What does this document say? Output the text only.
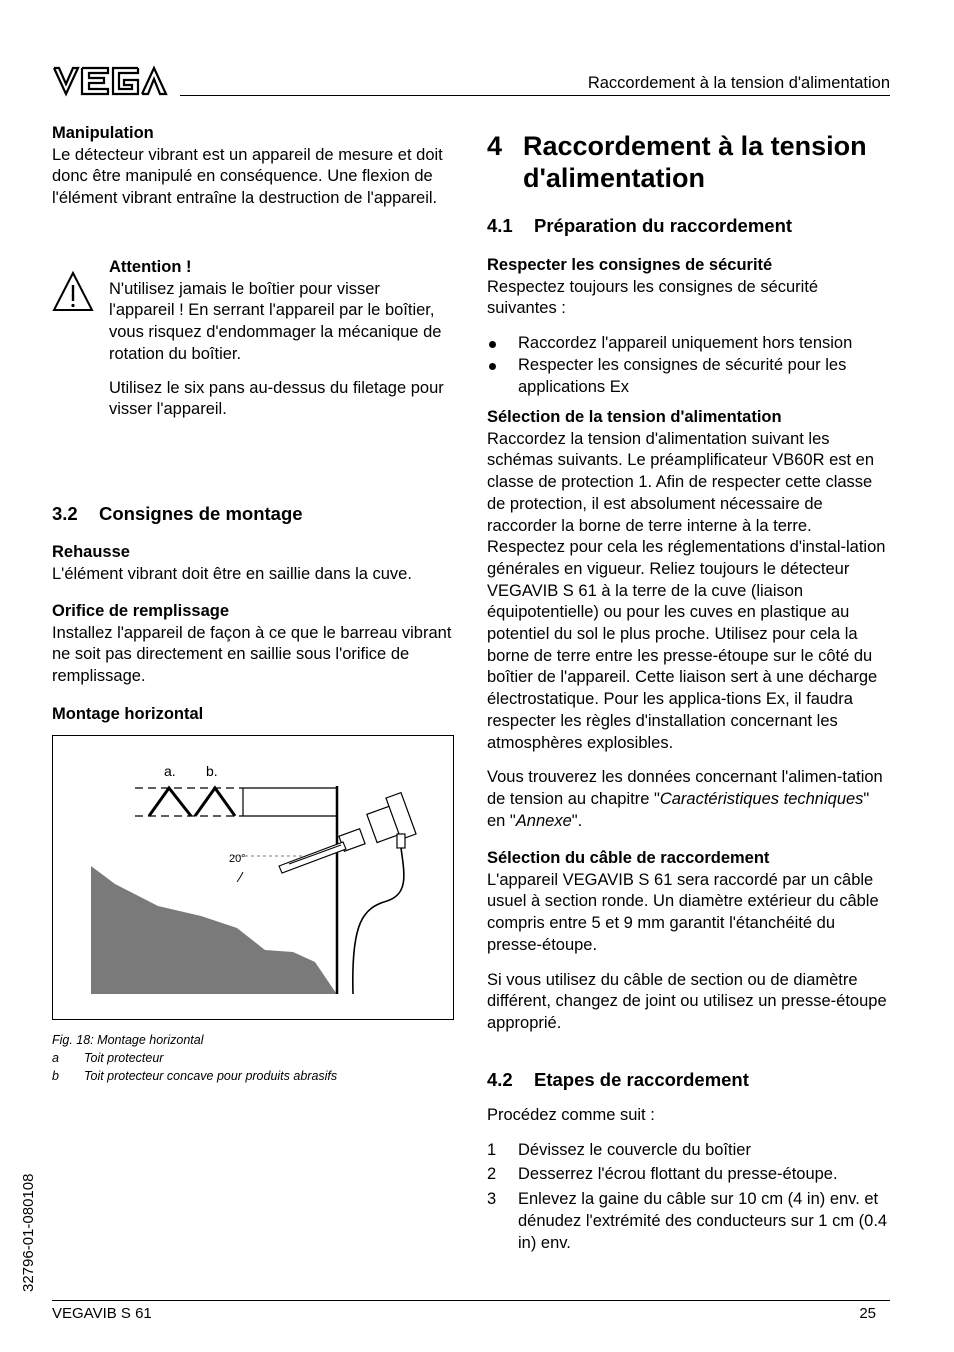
Raccordement à la tension d'alimentation

Manipulation

Le détecteur vibrant est un appareil de mesure et doit donc être manipulé en conséquence. Une flexion de l'élément vibrant entraîne la destruction de l'appareil.

Attention !

N'utilisez jamais le boîtier pour visser l'appareil ! En serrant l'appareil par le boîtier, vous risquez d'endommager la mécanique de rotation du boîtier.

Utilisez le six pans au-dessus du filetage pour visser l'appareil.

3.2 Consignes de montage

Rehausse

L'élément vibrant doit être en saillie dans la cuve.

Orifice de remplissage

Installez l'appareil de façon à ce que le barreau vibrant ne soit pas directement en saillie sous l'orifice de remplissage.

Montage horizontal
a. b.
20°
Fig. 18: Montage horizontal
a Toit protecteur
b Toit protecteur concave pour produits abrasifs
4 Raccordement à la tension
d'alimentation
4.1 Préparation du raccordement

Respecter les consignes de sécurité

Respectez toujours les consignes de sécurité suivantes :

Raccordez l'appareil uniquement hors tension
Respecter les consignes de sécurité pour les applications Ex

Sélection de la tension d'alimentation

Raccordez la tension d'alimentation suivant les schémas suivants. Le préamplificateur VB60R est en classe de protection 1. Afin de respecter cette classe de protection, il est absolument nécessaire de raccorder la borne de terre interne à la terre. Respectez pour cela les réglementations d'instal-lation générales en vigueur. Reliez toujours le détecteur VEGAVIB S 61 à la terre de la cuve (liaison équipotentielle) ou pour les cuves en plastique au potentiel du sol le plus proche. Utilisez pour cela la borne de terre entre les presse-étoupe sur le côté du boîtier de l'appareil. Cette liaison sert à une décharge électrostatique. Pour les applica-tions Ex, il faudra respecter les règles d'installation concernant les atmosphères explosibles.

Vous trouverez les données concernant l'alimen-tation de tension au chapitre "Caractéristiques techniques" en "Annexe".

Sélection du câble de raccordement

L'appareil VEGAVIB S 61 sera raccordé par un câble usuel à section ronde. Un diamètre extérieur du câble compris entre 5 et 9 mm garantit l'étanchéité du presse-étoupe.

Si vous utilisez du câble de section ou de diamètre différent, changez de joint ou utilisez un presse-étoupe approprié.

4.2 Etapes de raccordement

Procédez comme suit :

1 Dévissez le couvercle du boîtier
2 Desserrez l'écrou flottant du presse-étoupe.
3 Enlevez la gaine du câble sur 10 cm (4 in) env. et dénudez l'extrémité des conducteurs sur 1 cm (0.4 in) env.
32796-01-080108
VEGAVIB S 61	25
